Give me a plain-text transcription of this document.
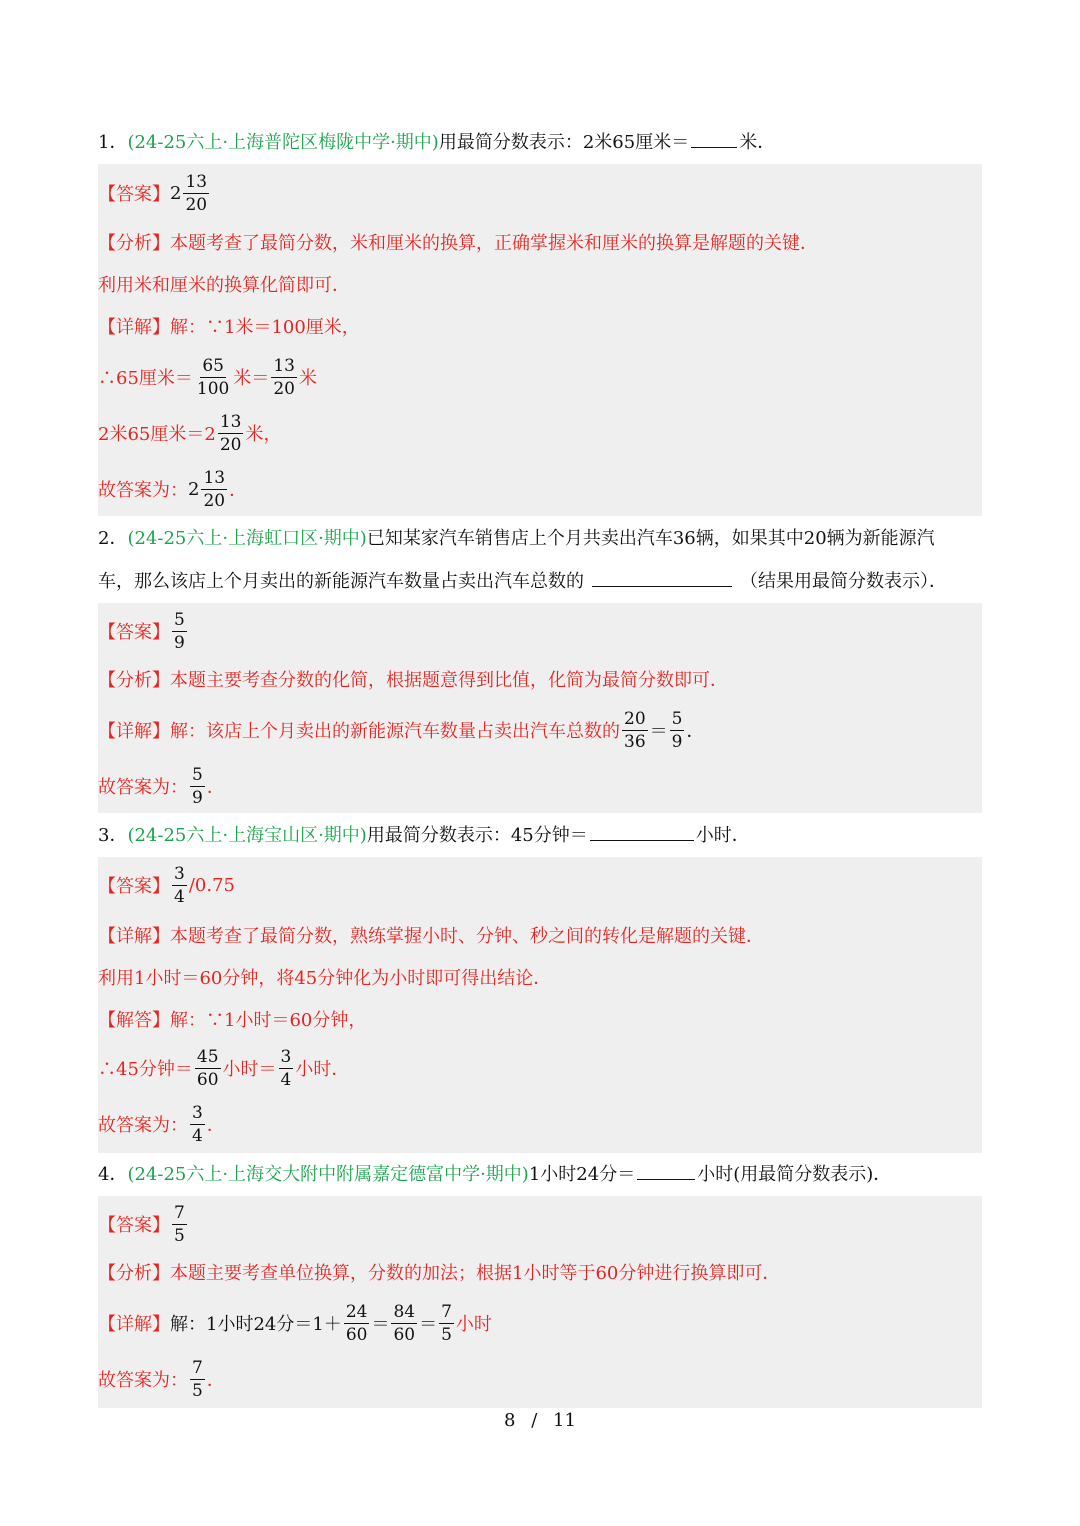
1．(24-25六上·上海普陀区梅陇中学·期中)用最简分数表示：2米65厘米＝	米．
【答案】 $2 \frac{13}{20}$
【分析】 本题考查了最简分数，米和厘米的换算，正确掌握米和厘米的换算是解题的关键．
利用米和厘米的换算化简即可．
【详解】 解：∵1米＝100厘米，
∴65厘米＝ $\frac{65}{100}$ 米＝ $\frac{13}{20}$ 米
2米65厘米$=2 \frac{13}{20}$ 米，
故答案为： $2 \frac{13}{20}$ ．
2．(24-25六上·上海虹口区·期中)已知某家汽车销售店上个月共卖出汽车36辆，如果其中20辆为新能源汽
车，那么该店上个月卖出的新能源汽车数量占卖出汽车总数的	（结果用最简分数表示）．
【答案】 $\frac{5}{9}$
【分析】 本题主要考查分数的化简，根据题意得到比值，化简为最简分数即可．
【详解】 解：该店上个月卖出的新能源汽车数量占卖出汽车总数的 $\frac{20}{36} = \frac{5}{9}$ ．
故答案为： $\frac{5}{9}$ ．
3．(24-25六上·上海宝山区·期中)用最简分数表示：45分钟＝	小时．
【答案】 $\frac{3}{4} /0.75$
【详解】 本题考查了最简分数，熟练掌握小时、分钟、秒之间的转化是解题的关键．
利用1小时＝60分钟，将45分钟化为小时即可得出结论．
【解答】 解：∵1小时＝60分钟，
∴45分钟＝ $\frac{45}{60}$ 小时＝ $\frac{3}{4}$ 小时．
故答案为： $\frac{3}{4}$ ．
4．(24-25六上·上海交大附中附属嘉定德富中学·期中)1小时24分＝	小时(用最简分数表示)．
【答案】 $\frac{7}{5}$
【分析】 本题主要考查单位换算，分数的加法；根据1小时等于60分钟进行换算即可．
【详解】 解：1小时24分$=1+ \frac{24}{60} = \frac{84}{60} = \frac{7}{5}$ 小时
故答案为： $\frac{7}{5}$ ．
8 / 11
